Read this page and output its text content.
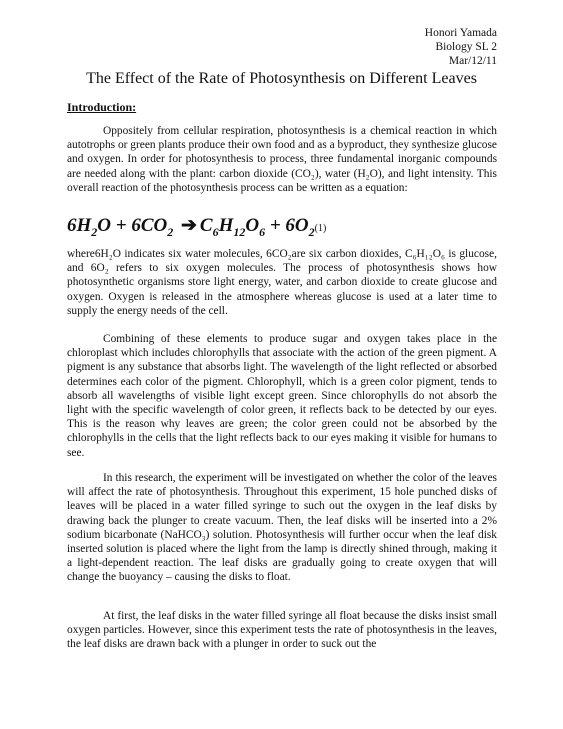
Honori Yamada
Biology SL 2
Mar/12/11
The Effect of the Rate of Photosynthesis on Different Leaves
Introduction:
Oppositely from cellular respiration, photosynthesis is a chemical reaction in which autotrophs or green plants produce their own food and as a byproduct, they synthesize glucose and oxygen. In order for photosynthesis to process, three fundamental inorganic compounds are needed along with the plant: carbon dioxide (CO₂), water (H₂O), and light intensity. This overall reaction of the photosynthesis process can be written as a equation:
$6H_2O + 6CO_2$ ➔ $C_6H_{12}O_6 + 6O_2(1)$
where6H₂O indicates six water molecules, 6CO₂are six carbon dioxides, C₆H₁₂O₆ is glucose, and 6O₂ refers to six oxygen molecules. The process of photosynthesis shows how photosynthetic organisms store light energy, water, and carbon dioxide to create glucose and oxygen. Oxygen is released in the atmosphere whereas glucose is used at a later time to supply the energy needs of the cell.
Combining of these elements to produce sugar and oxygen takes place in the chloroplast which includes chlorophylls that associate with the action of the green pigment. A pigment is any substance that absorbs light. The wavelength of the light reflected or absorbed determines each color of the pigment. Chlorophyll, which is a green color pigment, tends to absorb all wavelengths of visible light except green. Since chlorophylls do not absorb the light with the specific wavelength of color green, it reflects back to be detected by our eyes. This is the reason why leaves are green; the color green could not be absorbed by the chlorophylls in the cells that the light reflects back to our eyes making it visible for humans to see.
In this research, the experiment will be investigated on whether the color of the leaves will affect the rate of photosynthesis. Throughout this experiment, 15 hole punched disks of leaves will be placed in a water filled syringe to such out the oxygen in the leaf disks by drawing back the plunger to create vacuum. Then, the leaf disks will be inserted into a 2% sodium bicarbonate (NaHCO₃) solution. Photosynthesis will further occur when the leaf disk inserted solution is placed where the light from the lamp is directly shined through, making it a light-dependent reaction. The leaf disks are gradually going to create oxygen that will change the buoyancy – causing the disks to float.
At first, the leaf disks in the water filled syringe all float because the disks insist small oxygen particles. However, since this experiment tests the rate of photosynthesis in the leaves, the leaf disks are drawn back with a plunger in order to suck out the
